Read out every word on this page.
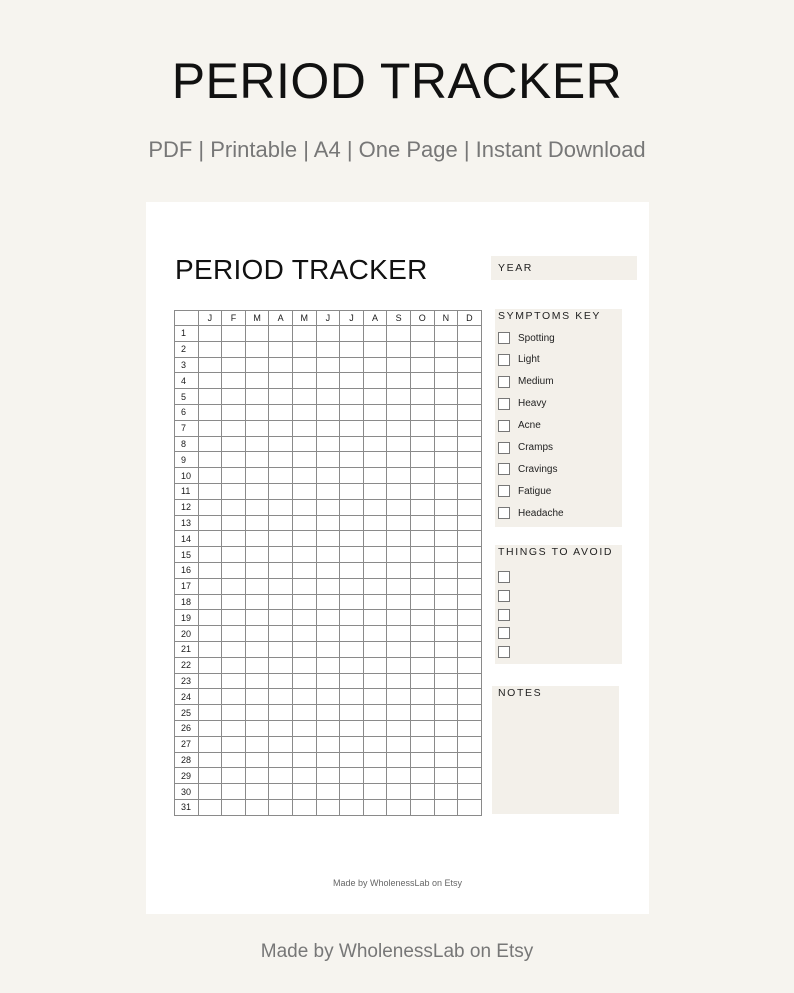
PERIOD TRACKER
PDF | Printable | A4 | One Page | Instant Download
PERIOD TRACKER
	J	F	M	A	M	J	J	A	S	O	N	D
1												
2												
3												
4												
5												
6												
7												
8												
9												
10												
11												
12												
13												
14												
15												
16												
17												
18												
19												
20												
21												
22												
23												
24												
25												
26												
27												
28												
29												
30												
31												
YEAR
SYMPTOMS KEY
Spotting
Light
Medium
Heavy
Acne
Cramps
Cravings
Fatigue
Headache
THINGS TO AVOID
NOTES
Made by WholenessLab on Etsy
Made by WholenessLab on Etsy
